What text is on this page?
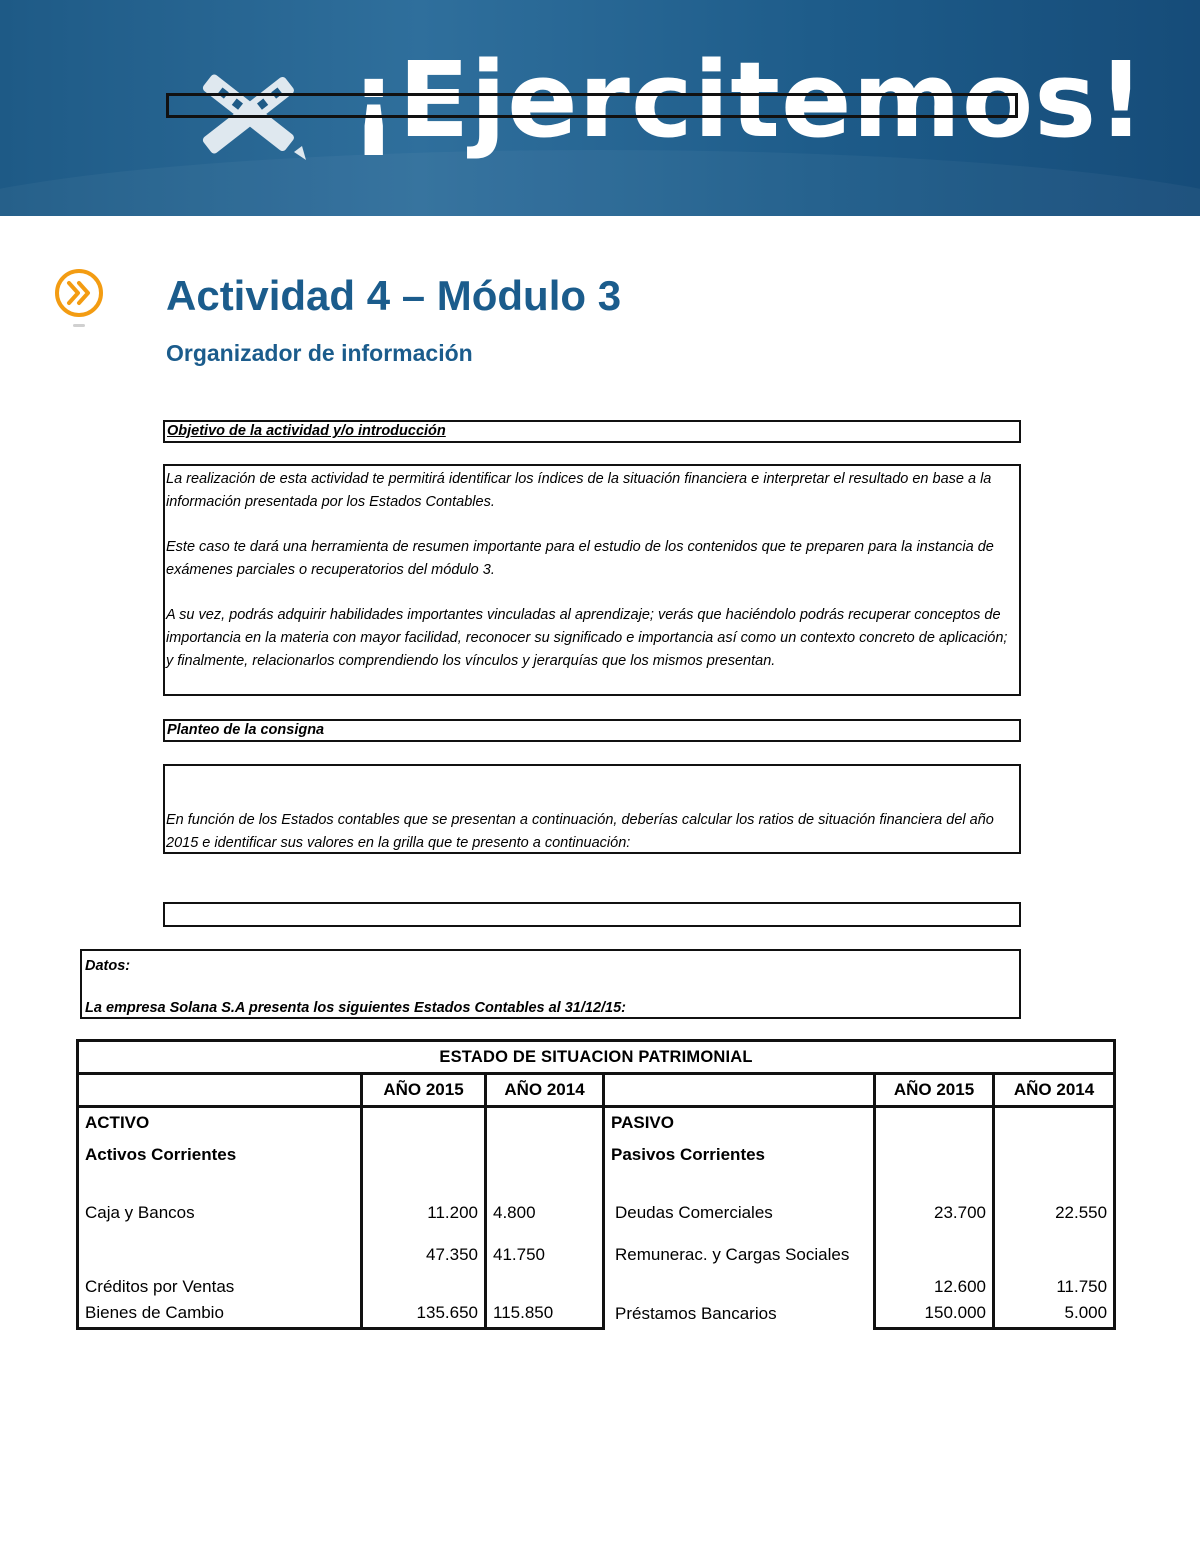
¡Ejercitemos!
Actividad 4 – Módulo 3
Organizador de información

Objetivo de la actividad y/o introducción

La realización de esta actividad te permitirá identificar los índices de la situación financiera e interpretar el resultado en base a la información presentada por los Estados Contables.

Este caso te dará una herramienta de resumen importante para el estudio de los contenidos que te preparen para la instancia de exámenes parciales o recuperatorios del módulo 3.

A su vez, podrás adquirir habilidades importantes vinculadas al aprendizaje; verás que haciéndolo podrás recuperar conceptos de importancia en la materia con mayor facilidad, reconocer su significado e importancia así como un contexto concreto de aplicación; y finalmente, relacionarlos comprendiendo los vínculos y jerarquías que los mismos presentan.

Planteo de la consigna

En función de los Estados contables que se presentan a continuación, deberías calcular los ratios de situación financiera del año 2015 e identificar sus valores en la grilla que te presento a continuación:

Datos:

La empresa Solana S.A presenta los siguientes Estados Contables al 31/12/15:

ESTADO DE SITUACION PATRIMONIAL					
	AÑO 2015	AÑO 2014		AÑO 2015	AÑO 2014
ACTIVO			PASIVO		
Activos Corrientes			Pasivos Corrientes		

Caja y Bancos	11.200	4.800	Deudas Comerciales	23.700	22.550
Créditos por Ventas	47.350	41.750	Remunerac. y Cargas Sociales	12.600	11.750
Bienes de Cambio	135.650	115.850	Préstamos Bancarios	150.000	5.000
